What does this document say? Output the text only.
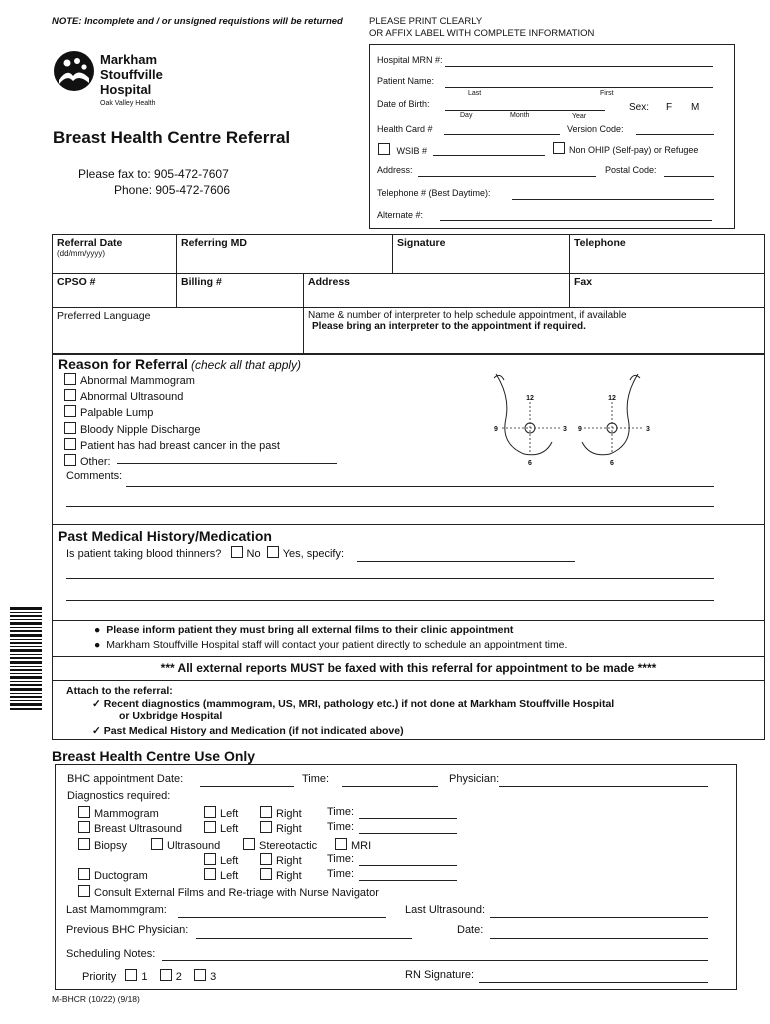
NOTE: Incomplete and / or unsigned requistions will be returned	PLEASE PRINT CLEARLY
OR AFFIX LABEL WITH COMPLETE INFORMATION
Markham
Stouffville
Hospital
Oak Valley Health
Breast Health Centre Referral
Please fax to: 905-472-7607
Phone: 905-472-7606
Hospital MRN #:
Patient Name:
Last	First
Date of Birth:
Day	Month	Year
Sex: F M
Health Card #	Version Code:
WSIB #	Non OHIP (Self-pay) or Refugee
Address:	Postal Code:
Telephone # (Best Daytime):
Alternate #:
Referral Date
(dd/mm/yyyy)
Referring MD	Signature	Telephone
CPSO #	Billing #	Address	Fax
Preferred Language	Name & number of interpreter to help schedule appointment, if available
Please bring an interpreter to the appointment if required.
Reason for Referral (check all that apply)
Abnormal Mammogram
Abnormal Ultrasound
Palpable Lump
Bloody Nipple Discharge
Patient has had breast cancer in the past
Other:
Comments:
12
9	3
6
12
9	3
6
Past Medical History/Medication
Is patient taking blood thinners? No Yes, specify:
●  Please inform patient they must bring all external films to their clinic appointment
●  Markham Stouffville Hospital staff will contact your patient directly to schedule an appointment time.
*** All external reports MUST be faxed with this referral for appointment to be made ****
Attach to the referral:
✓ Recent diagnostics (mammogram, US, MRI, pathology etc.) if not done at Markham Stouffville Hospital
or Uxbridge Hospital
✓ Past Medical History and Medication (if not indicated above)
Breast Health Centre Use Only
BHC appointment Date:	Time:	Physician:
Diagnostics required:
Mammogram	Left	Right Time:
Breast Ultrasound	Left	Right Time:
Biopsy	Ultrasound	Stereotactic	MRI
Left	Right Time:
Ductogram	Left	Right Time:
Consult External Films and Re-triage with Nurse Navigator
Last Mamommgram:	Last Ultrasound:
Previous BHC Physician:	Date:
Scheduling Notes:
Priority 1	2	3	RN Signature:
M-BHCR (10/22) (9/18)
